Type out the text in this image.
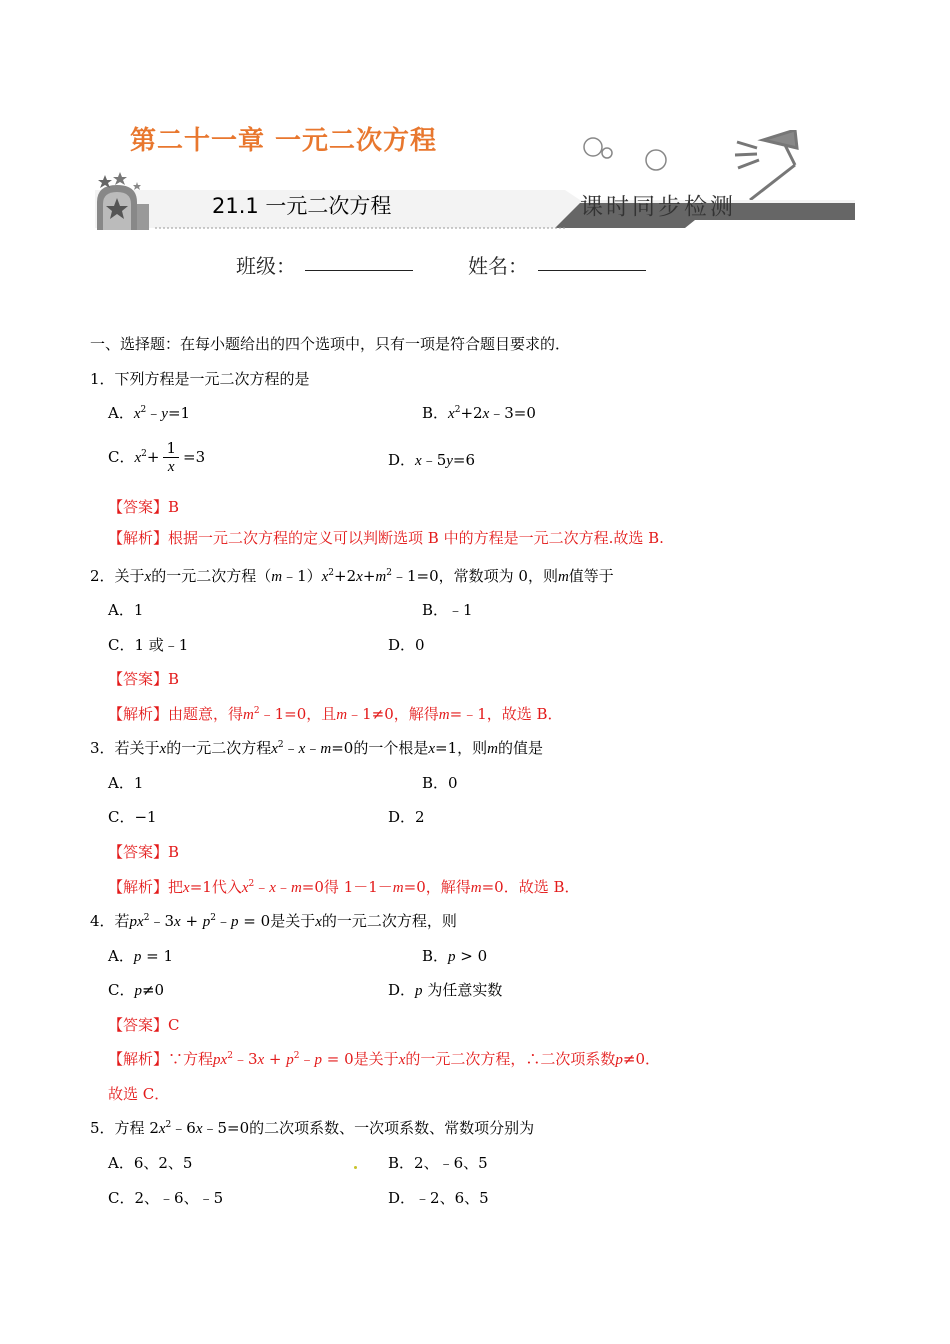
第二十一章 一元二次方程
21.1 一元二次方程	课时同步检测
班级：	姓名：
一、选择题：在每小题给出的四个选项中，只有一项是符合题目要求的．
1．下列方程是一元二次方程的是
A．$x^2﹣y=1$	B．$x^2+2x﹣3=0$
C．$x^2+ \frac{1}{x} =3$	D．x﹣5y=6
【答案】B
【解析】根据一元二次方程的定义可以判断选项 B 中的方程是一元二次方程.故选 B.
2．关于x的一元二次方程$(m﹣1)x^2+2x+m^2﹣1=0$，常数项为 0，则m值等于
A．1	B．﹣1
C．1 或﹣1	D．0
【答案】B
【解析】由题意，得$m^2﹣1=0$，且m﹣1≠0，解得m=﹣1，故选 B．
3．若关于x的一元二次方程$x^2﹣x﹣m=0$的一个根是x=1，则m的值是
A．1	B．0
C．−1	D．2
【答案】B
【解析】把x=1代入$x^2﹣x﹣m=0$得 1－1－m=0，解得m=0．故选 B．
4．若$px^2﹣3x$ + $p^2﹣p = 0$是关于x的一元二次方程，则
A．p = 1	B．p > 0
C．p≠0	D．p 为任意实数
【答案】C
【解析】∵方程$px^2﹣3x$ + $p^2﹣p = 0$是关于x的一元二次方程，∴二次项系数p≠0．
故选 C．
5．方程 $2x^2﹣6x﹣5=0$的二次项系数、一次项系数、常数项分别为
A．6、2、5	B．2、﹣6、5
C．2、﹣6、﹣5	D．﹣2、6、5
